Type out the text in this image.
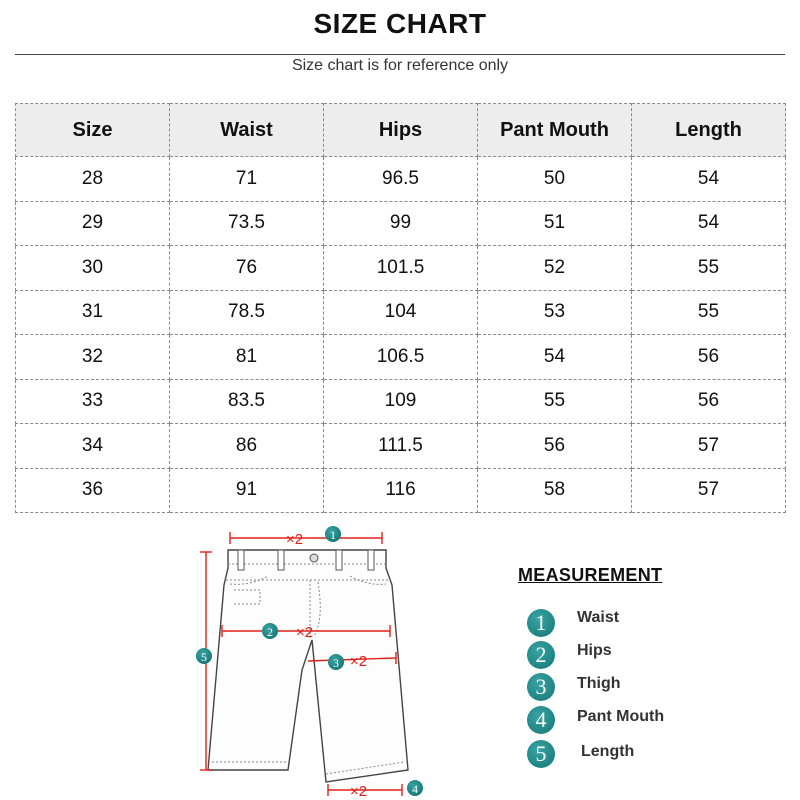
SIZE CHART
Size chart is for reference only
Size	Waist	Hips	Pant Mouth	Length
28	71	96.5	50	54
29	73.5	99	51	54
30	76	101.5	52	55
31	78.5	104	53	55
32	81	106.5	54	56
33	83.5	109	55	56
34	86	111.5	56	57
36	91	116	58	57
×2
×2
×2
×2
1
2
3
4
5
MEASUREMENT
1	Waist
2	Hips
3	Thigh
4	Pant Mouth
5	Length
